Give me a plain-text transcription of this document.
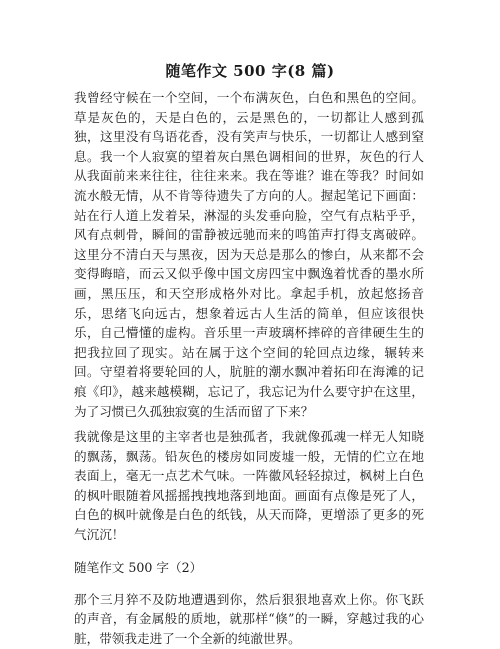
随笔作文 500 字(8 篇)

我曾经守候在一个空间，一个布满灰色，白色和黑色的空间。草是灰色的，天是白色的，云是黑色的，一切都让人感到孤独，这里没有鸟语花香，没有笑声与快乐，一切都让人感到窒息。我一个人寂寞的望着灰白黑色调相间的世界，灰色的行人从我面前来来往往，往往来来。我在等谁？谁在等我？时间如流水般无情，从不肯等待遗失了方向的人。握起笔记下画面：站在行人道上发着呆，淋湿的头发垂向脸，空气有点粘乎乎，风有点刺骨，瞬间的雷静被远驰而来的鸣笛声打得支离破碎。这里分不清白天与黑夜，因为天总是那么的惨白，从来都不会变得晦暗，而云又似乎像中国文房四宝中飘逸着忧香的墨水所画，黑压压，和天空形成格外对比。拿起手机，放起悠扬音乐，思绪飞向远古，想象着远古人生活的简单，但应该很快乐，自己懵懂的虚构。音乐里一声玻璃杯摔碎的音律硬生生的把我拉回了现实。站在属于这个空间的轮回点边缘，辗转来回。守望着将要轮回的人，肮脏的潮水飘冲着拓印在海滩的记痕《印》，越来越模糊，忘记了，我忘记为什么要守护在这里，为了习惯已久孤独寂寞的生活而留了下来？

我就像是这里的主宰者也是独孤者，我就像孤魂一样无人知晓的飘荡，飘荡。铅灰色的楼房如同废墟一般，无情的伫立在地表面上，毫无一点艺术气味。一阵徽风轻轻掠过，枫树上白色的枫叶眼随着风摇摇拽拽地落到地面。画面有点像是死了人，白色的枫叶就像是白色的纸钱，从天而降，更增添了更多的死气沉沉！

随笔作文 500 字（2）

那个三月猝不及防地遭遇到你，然后狠狠地喜欢上你。你飞跃的声音，有金属般的质地，就那样“倏”的一瞬，穿越过我的心脏，带领我走进了一个全新的纯澈世界。
